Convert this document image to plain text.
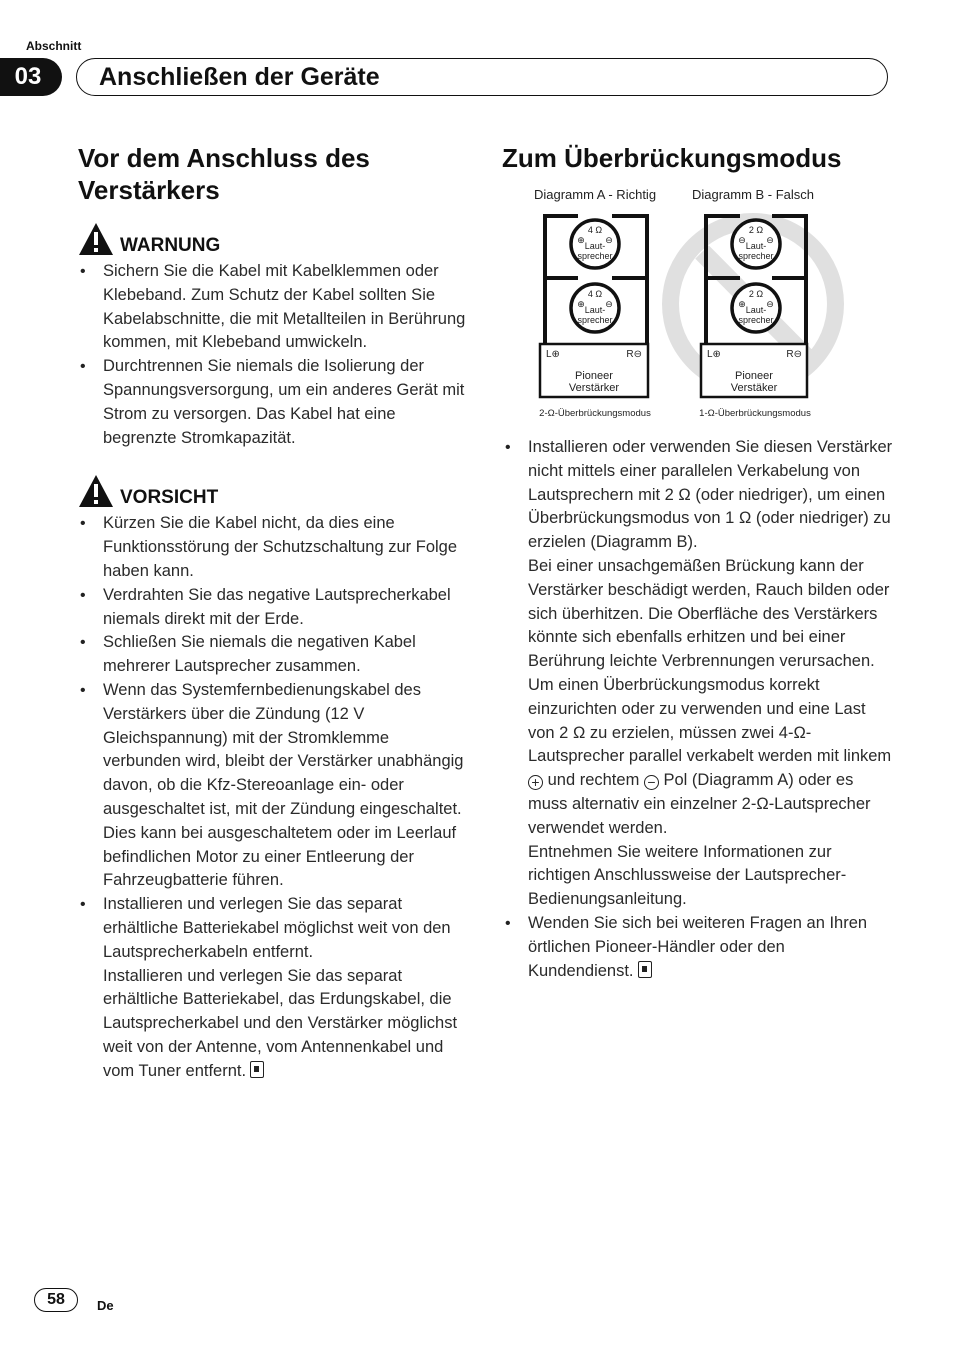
Abschnitt
03	Anschließen der Geräte
Vor dem Anschluss des Verstärkers
WARNUNG
• Sichern Sie die Kabel mit Kabelklemmen oder Klebeband. Zum Schutz der Kabel sollten Sie Kabelabschnitte, die mit Metallteilen in Berührung kommen, mit Klebeband umwickeln.
• Durchtrennen Sie niemals die Isolierung der Spannungsversorgung, um ein anderes Gerät mit Strom zu versorgen. Das Kabel hat eine begrenzte Stromkapazität.
VORSICHT
• Kürzen Sie die Kabel nicht, da dies eine Funktionsstörung der Schutzschaltung zur Folge haben kann.
• Verdrahten Sie das negative Lautsprecherkabel niemals direkt mit der Erde.
• Schließen Sie niemals die negativen Kabel mehrerer Lautsprecher zusammen.
• Wenn das Systemfernbedienungskabel des Verstärkers über die Zündung (12 V Gleichspannung) mit der Stromklemme verbunden wird, bleibt der Verstärker unabhängig davon, ob die Kfz-Stereoanlage ein- oder ausgeschaltet ist, mit der Zündung eingeschaltet. Dies kann bei ausgeschaltetem oder im Leerlauf befindlichen Motor zu einer Entleerung der Fahrzeugbatterie führen.
• Installieren und verlegen Sie das separat erhältliche Batteriekabel möglichst weit von den Lautsprecherkabeln entfernt.
Installieren und verlegen Sie das separat erhältliche Batteriekabel, das Erdungskabel, die Lautsprecherkabel und den Verstärker möglichst weit von der Antenne, vom Antennenkabel und vom Tuner entfernt.
Zum Überbrückungsmodus
Diagramm A - Richtig	Diagramm B - Falsch
4 Ω
⊕ ⊖
Laut-
sprecher
4 Ω
⊕ ⊖
Laut-
sprecher
L⊕	R⊖
Pioneer
Verstärker
2-Ω-Überbrückungsmodus
2 Ω
⊖ ⊖
Laut-
sprecher
2 Ω
⊕ ⊖
Laut-
sprecher
L⊕	R⊖
Pioneer
Verstäker
1-Ω-Überbrückungsmodus
• Installieren oder verwenden Sie diesen Verstärker nicht mittels einer parallelen Verkabelung von Lautsprechern mit 2 Ω (oder niedriger), um einen Überbrückungsmodus von 1 Ω (oder niedriger) zu erzielen (Diagramm B).
Bei einer unsachgemäßen Brückung kann der Verstärker beschädigt werden, Rauch bilden oder sich überhitzen. Die Oberfläche des Verstärkers könnte sich ebenfalls erhitzen und bei einer Berührung leichte Verbrennungen verursachen.
Um einen Überbrückungsmodus korrekt einzurichten oder zu verwenden und eine Last von 2 Ω zu erzielen, müssen zwei 4-Ω-Lautsprecher parallel verkabelt werden mit linkem + und rechtem − Pol (Diagramm A) oder es muss alternativ ein einzelner 2-Ω-Lautsprecher verwendet werden.
Entnehmen Sie weitere Informationen zur richtigen Anschlussweise der Lautsprecher-Bedienungsanleitung.
• Wenden Sie sich bei weiteren Fragen an Ihren örtlichen Pioneer-Händler oder den Kundendienst.
58	De
